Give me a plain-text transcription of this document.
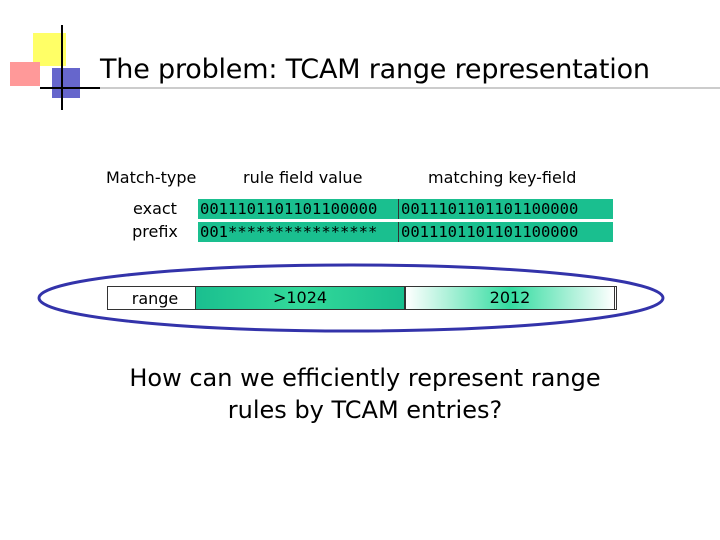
The problem: TCAM range representation
Match-type	rule field value	matching key-field
exact	0011101101101100000	0011101101101100000
prefix	001****************	0011101101101100000
range	>1024	2012
How can we efficiently represent range rules by TCAM entries?
